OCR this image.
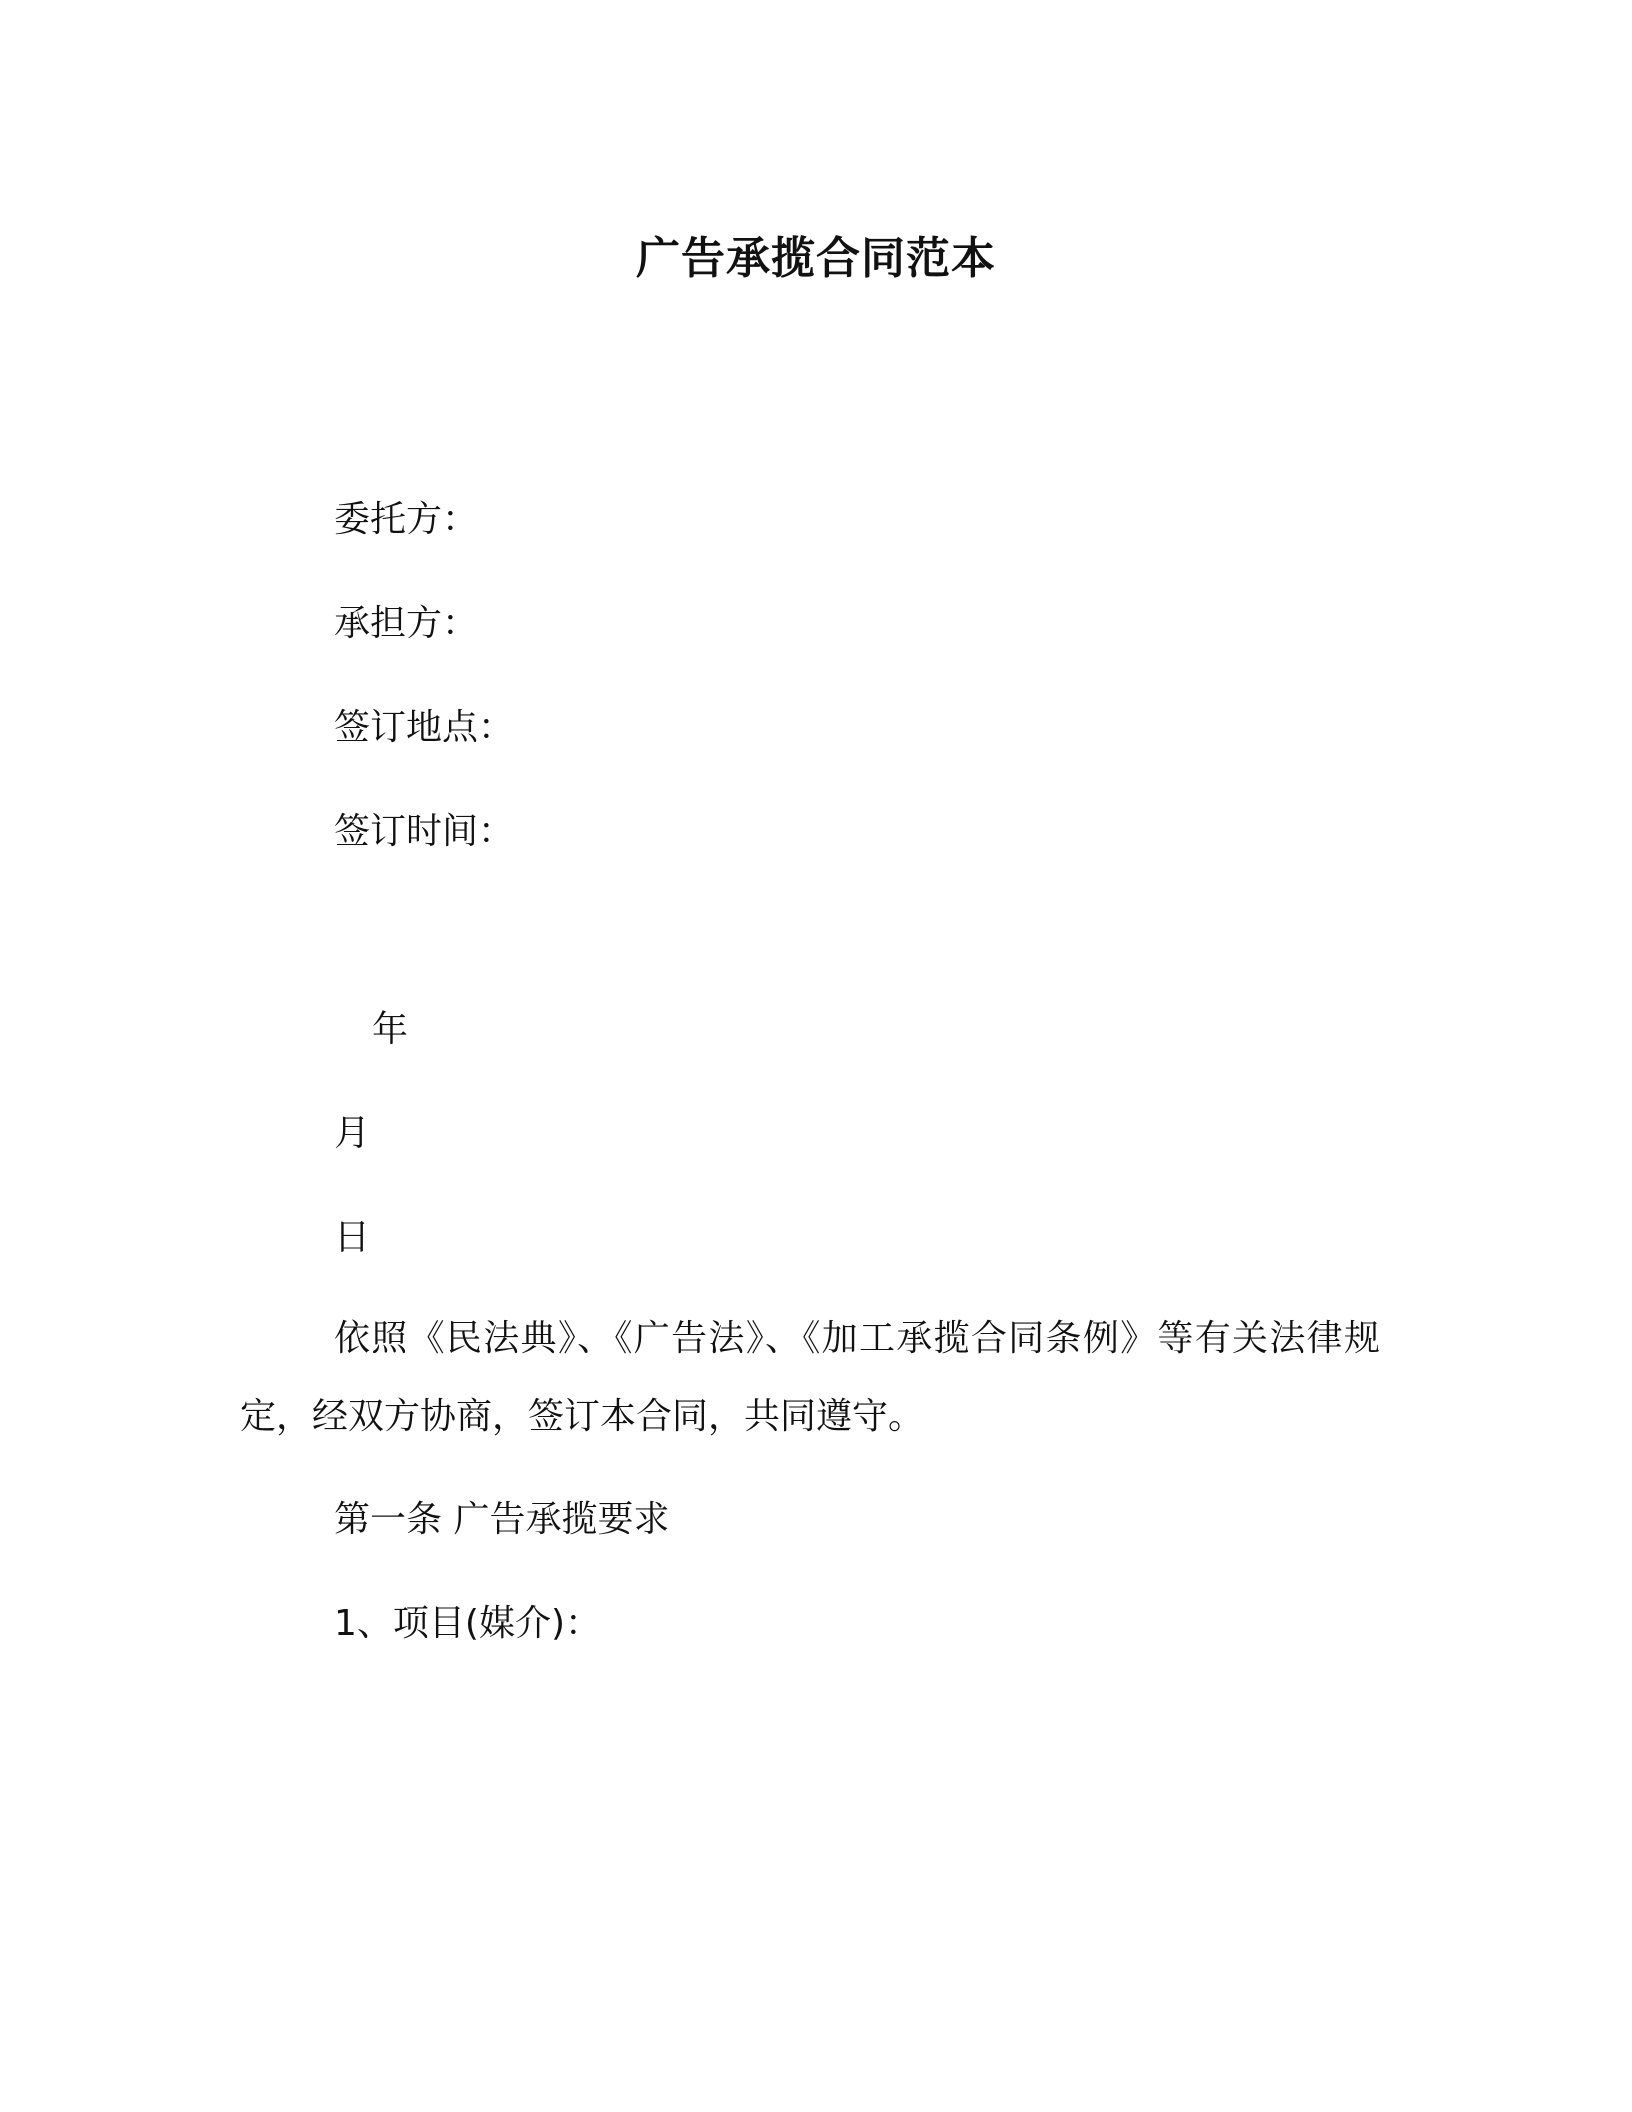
广告承揽合同范本

委托方：

承担方：

签订地点：

签订时间：

年

月

日

依照《民法典》、《广告法》、《加工承揽合同条例》等有关法律规定，经双方协商，签订本合同，共同遵守。

第一条 广告承揽要求

1、项目(媒介)：
